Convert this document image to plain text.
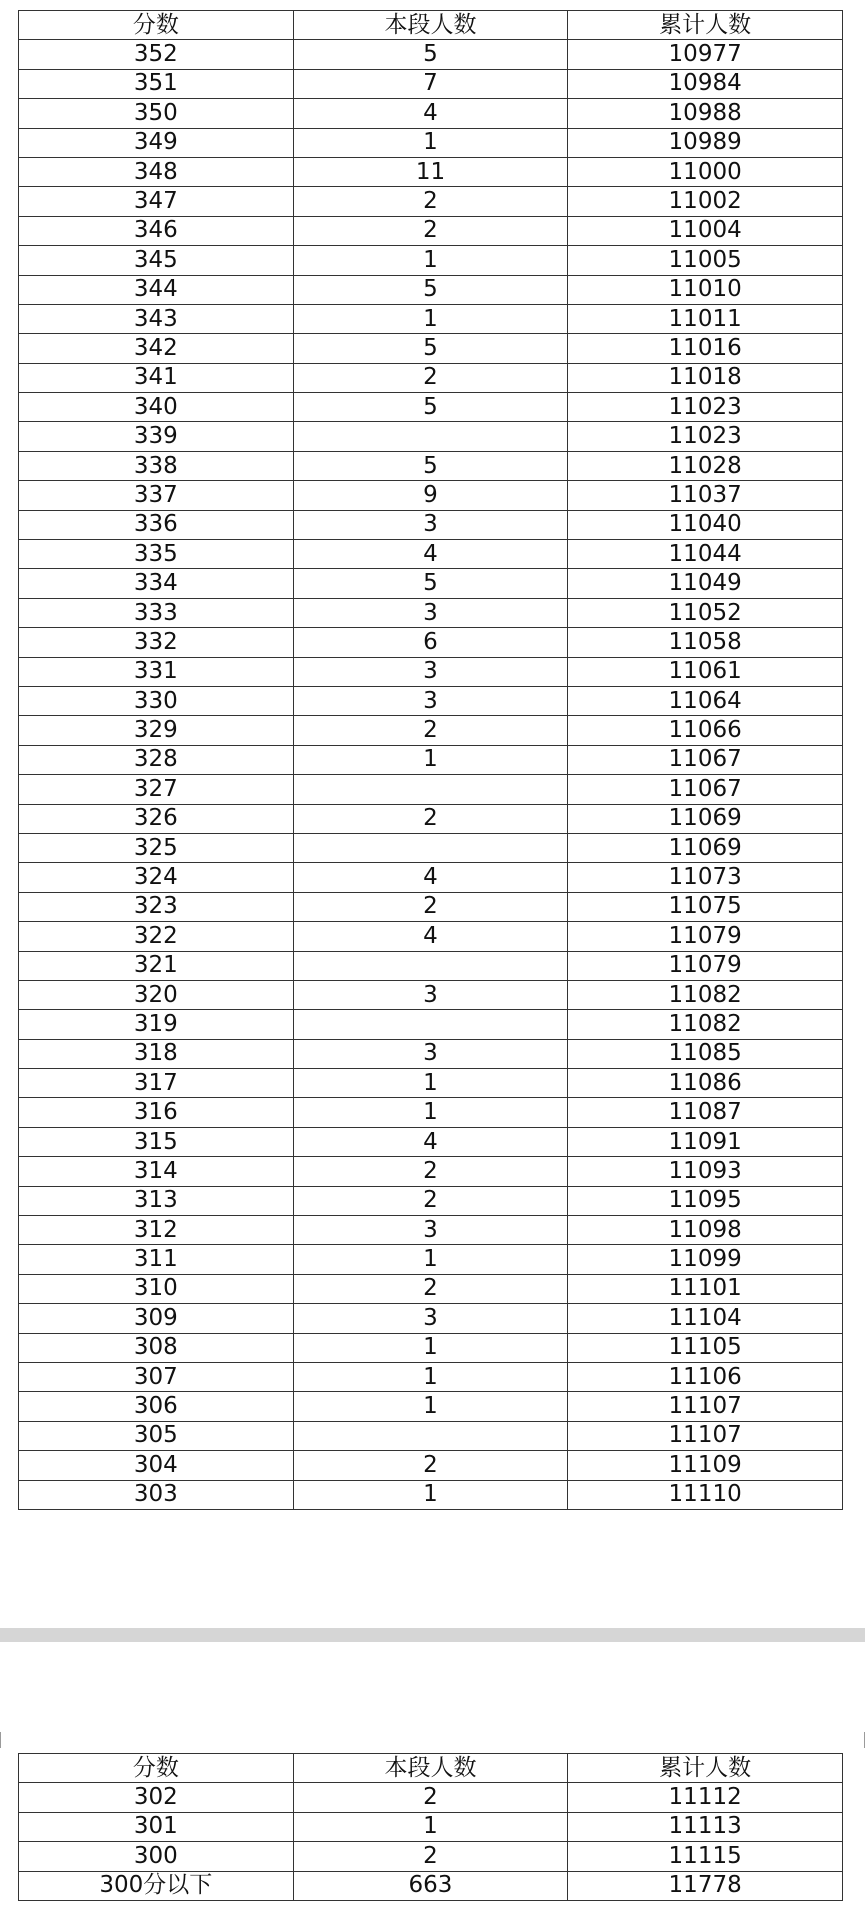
分数	本段人数	累计人数
352	5	10977
351	7	10984
350	4	10988
349	1	10989
348	11	11000
347	2	11002
346	2	11004
345	1	11005
344	5	11010
343	1	11011
342	5	11016
341	2	11018
340	5	11023
339		11023
338	5	11028
337	9	11037
336	3	11040
335	4	11044
334	5	11049
333	3	11052
332	6	11058
331	3	11061
330	3	11064
329	2	11066
328	1	11067
327		11067
326	2	11069
325		11069
324	4	11073
323	2	11075
322	4	11079
321		11079
320	3	11082
319		11082
318	3	11085
317	1	11086
316	1	11087
315	4	11091
314	2	11093
313	2	11095
312	3	11098
311	1	11099
310	2	11101
309	3	11104
308	1	11105
307	1	11106
306	1	11107
305		11107
304	2	11109
303	1	11110
分数	本段人数	累计人数
302	2	11112
301	1	11113
300	2	11115
300分以下	663	11778
